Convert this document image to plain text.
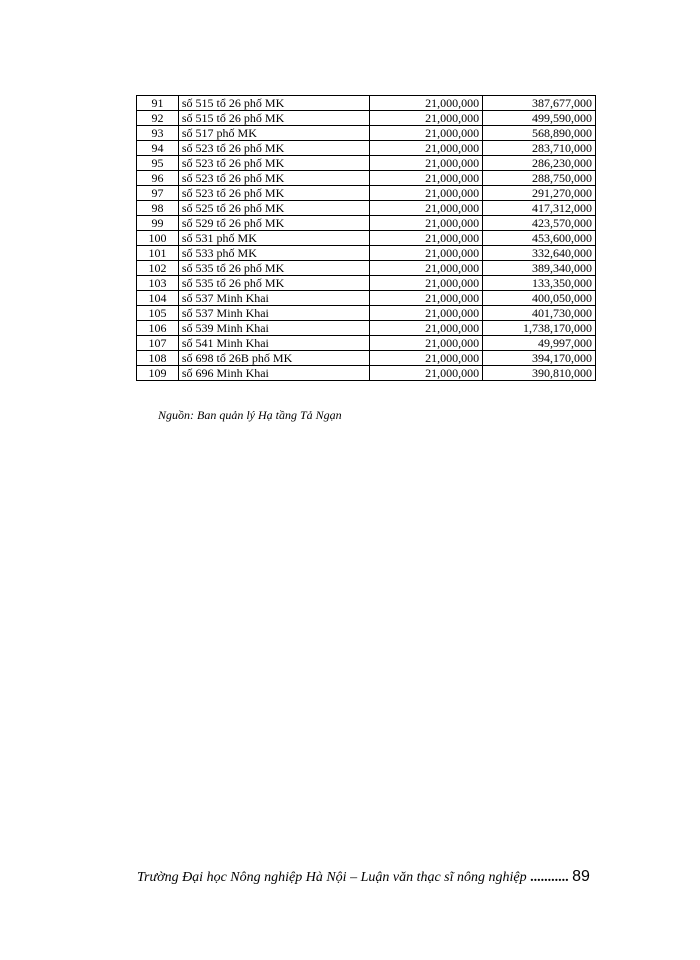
91	số 515 tổ 26 phố MK	21,000,000	387,677,000
92	số 515 tổ 26 phố MK	21,000,000	499,590,000
93	số 517 phố MK	21,000,000	568,890,000
94	số 523 tổ 26 phố MK	21,000,000	283,710,000
95	số 523 tổ 26 phố MK	21,000,000	286,230,000
96	số 523 tổ 26 phố MK	21,000,000	288,750,000
97	số 523 tổ 26 phố MK	21,000,000	291,270,000
98	số 525 tổ 26 phố MK	21,000,000	417,312,000
99	số 529 tổ 26 phố MK	21,000,000	423,570,000
100	số 531 phố MK	21,000,000	453,600,000
101	số 533 phố MK	21,000,000	332,640,000
102	số 535 tổ 26 phố MK	21,000,000	389,340,000
103	số 535 tổ 26 phố MK	21,000,000	133,350,000
104	số 537 Minh Khai	21,000,000	400,050,000
105	số 537 Minh Khai	21,000,000	401,730,000
106	số 539 Minh Khai	21,000,000	1,738,170,000
107	số 541 Minh Khai	21,000,000	49,997,000
108	số 698 tổ 26B phố MK	21,000,000	394,170,000
109	số 696 Minh Khai	21,000,000	390,810,000
Nguồn: Ban quản lý Hạ tầng Tả Ngạn
Trường Đại học Nông nghiệp Hà Nội – Luận văn thạc sĩ nông nghiệp ........... 89
